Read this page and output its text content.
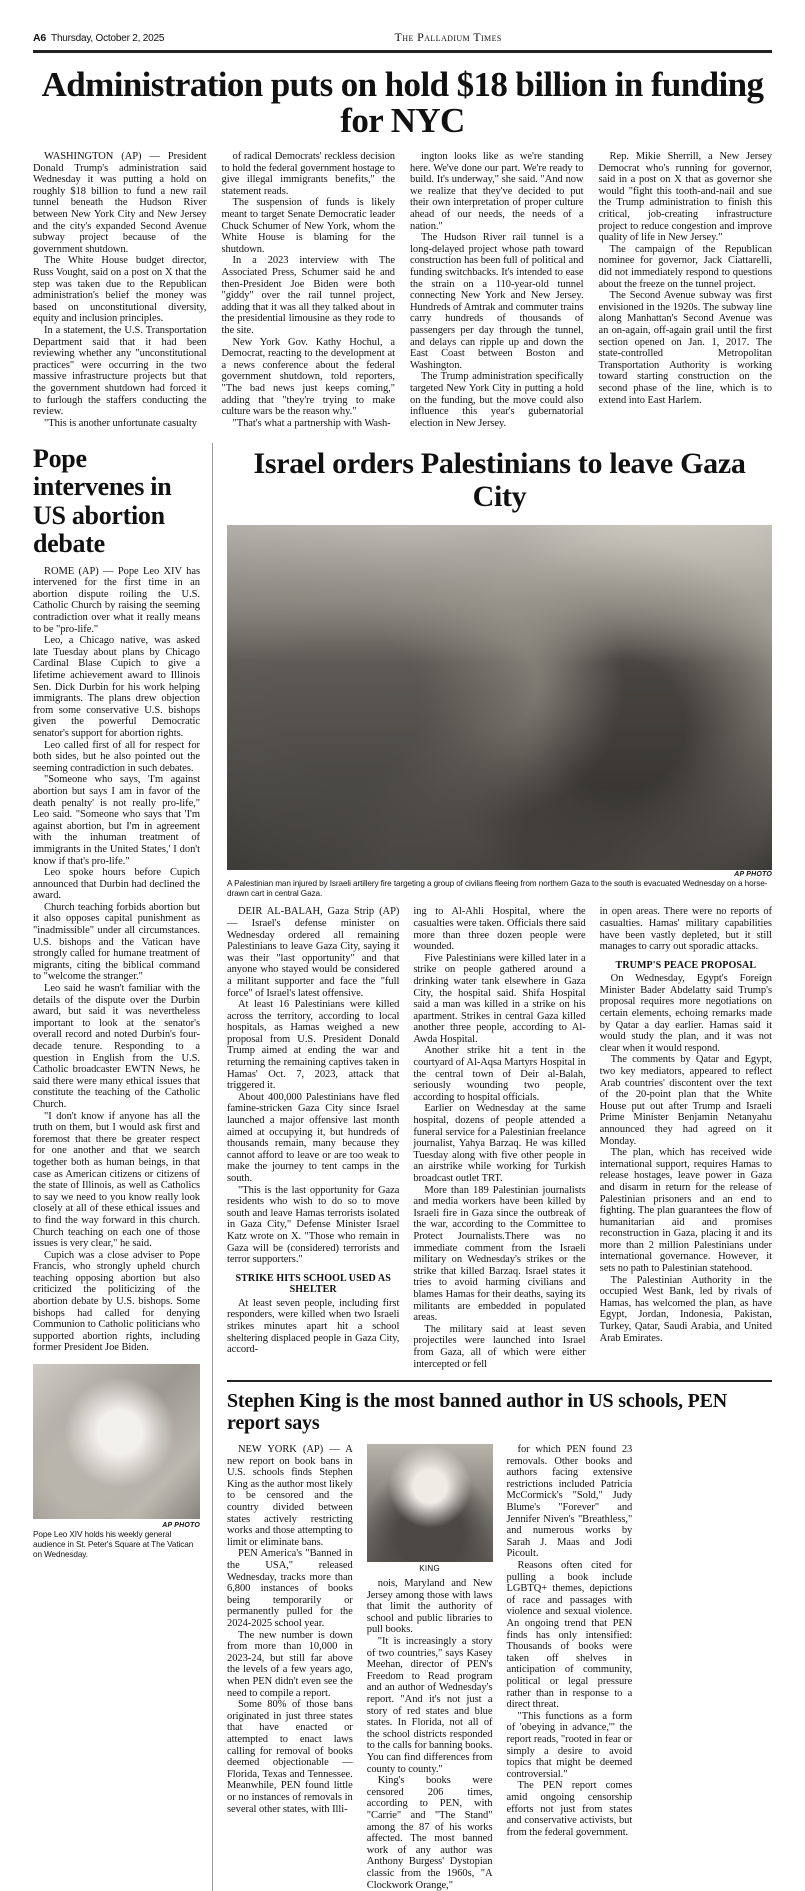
A6 Thursday, October 2, 2025	The Palladium Times
Administration puts on hold $18 billion in funding for NYC

WASHINGTON (AP) — President Donald Trump's administration said Wednesday it was putting a hold on roughly $18 billion to fund a new rail tunnel beneath the Hudson River between New York City and New Jersey and the city's expanded Second Avenue subway project because of the government shutdown.

The White House budget director, Russ Vought, said on a post on X that the step was taken due to the Republican administration's belief the money was based on unconstitutional diversity, equity and inclusion principles.

In a statement, the U.S. Transportation Department said that it had been reviewing whether any "unconstitutional practices" were occurring in the two massive infrastructure projects but that the government shutdown had forced it to furlough the staffers conducting the review.

"This is another unfortunate casualty

of radical Democrats' reckless decision to hold the federal government hostage to give illegal immigrants benefits," the statement reads.

The suspension of funds is likely meant to target Senate Democratic leader Chuck Schumer of New York, whom the White House is blaming for the shutdown.

In a 2023 interview with The Associated Press, Schumer said he and then-President Joe Biden were both "giddy" over the rail tunnel project, adding that it was all they talked about in the presidential limousine as they rode to the site.

New York Gov. Kathy Hochul, a Democrat, reacting to the development at a news conference about the federal government shutdown, told reporters, "The bad news just keeps coming," adding that "they're trying to make culture wars be the reason why."

"That's what a partnership with Wash-

ington looks like as we're standing here. We've done our part. We're ready to build. It's underway," she said. "And now we realize that they've decided to put their own interpretation of proper culture ahead of our needs, the needs of a nation."

The Hudson River rail tunnel is a long-delayed project whose path toward construction has been full of political and funding switchbacks. It's intended to ease the strain on a 110-year-old tunnel connecting New York and New Jersey. Hundreds of Amtrak and commuter trains carry hundreds of thousands of passengers per day through the tunnel, and delays can ripple up and down the East Coast between Boston and Washington.

The Trump administration specifically targeted New York City in putting a hold on the funding, but the move could also influence this year's gubernatorial election in New Jersey.

Rep. Mikie Sherrill, a New Jersey Democrat who's running for governor, said in a post on X that as governor she would "fight this tooth-and-nail and sue the Trump administration to finish this critical, job-creating infrastructure project to reduce congestion and improve quality of life in New Jersey."

The campaign of the Republican nominee for governor, Jack Ciattarelli, did not immediately respond to questions about the freeze on the tunnel project.

The Second Avenue subway was first envisioned in the 1920s. The subway line along Manhattan's Second Avenue was an on-again, off-again grail until the first section opened on Jan. 1, 2017. The state-controlled Metropolitan Transportation Authority is working toward starting construction on the second phase of the line, which is to extend into East Harlem.

Pope intervenes in US abortion debate

ROME (AP) — Pope Leo XIV has intervened for the first time in an abortion dispute roiling the U.S. Catholic Church by raising the seeming contradiction over what it really means to be "pro-life."

Leo, a Chicago native, was asked late Tuesday about plans by Chicago Cardinal Blase Cupich to give a lifetime achievement award to Illinois Sen. Dick Durbin for his work helping immigrants. The plans drew objection from some conservative U.S. bishops given the powerful Democratic senator's support for abortion rights.

Leo called first of all for respect for both sides, but he also pointed out the seeming contradiction in such debates.

"Someone who says, 'I'm against abortion but says I am in favor of the death penalty' is not really pro-life," Leo said. "Someone who says that 'I'm against abortion, but I'm in agreement with the inhuman treatment of immigrants in the United States,' I don't know if that's pro-life."

Leo spoke hours before Cupich announced that Durbin had declined the award.

Church teaching forbids abortion but it also opposes capital punishment as "inadmissible" under all circumstances. U.S. bishops and the Vatican have strongly called for humane treatment of migrants, citing the biblical command to "welcome the stranger."

Leo said he wasn't familiar with the details of the dispute over the Durbin award, but said it was nevertheless important to look at the senator's overall record and noted Durbin's four-decade tenure. Responding to a question in English from the U.S. Catholic broadcaster EWTN News, he said there were many ethical issues that constitute the teaching of the Catholic Church.

"I don't know if anyone has all the truth on them, but I would ask first and foremost that there be greater respect for one another and that we search together both as human beings, in that case as American citizens or citizens of the state of Illinois, as well as Catholics to say we need to you know really look closely at all of these ethical issues and to find the way forward in this church. Church teaching on each one of those issues is very clear," he said.

Cupich was a close adviser to Pope Francis, who strongly upheld church teaching opposing abortion but also criticized the politicizing of the abortion debate by U.S. bishops. Some bishops had called for denying Communion to Catholic politicians who supported abortion rights, including former President Joe Biden.

AP PHOTO

Pope Leo XIV holds his weekly general audience in St. Peter's Square at The Vatican on Wednesday.

Israel orders Palestinians to leave Gaza City
AP PHOTO

A Palestinian man injured by Israeli artillery fire targeting a group of civilians fleeing from northern Gaza to the south is evacuated Wednesday on a horse-drawn cart in central Gaza.

DEIR AL-BALAH, Gaza Strip (AP) — Israel's defense minister on Wednesday ordered all remaining Palestinians to leave Gaza City, saying it was their "last opportunity" and that anyone who stayed would be considered a militant supporter and face the "full force" of Israel's latest offensive.

At least 16 Palestinians were killed across the territory, according to local hospitals, as Hamas weighed a new proposal from U.S. President Donald Trump aimed at ending the war and returning the remaining captives taken in Hamas' Oct. 7, 2023, attack that triggered it.

About 400,000 Palestinians have fled famine-stricken Gaza City since Israel launched a major offensive last month aimed at occupying it, but hundreds of thousands remain, many because they cannot afford to leave or are too weak to make the journey to tent camps in the south.

"This is the last opportunity for Gaza residents who wish to do so to move south and leave Hamas terrorists isolated in Gaza City," Defense Minister Israel Katz wrote on X. "Those who remain in Gaza will be (considered) terrorists and terror supporters."

STRIKE HITS SCHOOL USED AS SHELTER

At least seven people, including first responders, were killed when two Israeli strikes minutes apart hit a school sheltering displaced people in Gaza City, accord-

ing to Al-Ahli Hospital, where the casualties were taken. Officials there said more than three dozen people were wounded.

Five Palestinians were killed later in a strike on people gathered around a drinking water tank elsewhere in Gaza City, the hospital said. Shifa Hospital said a man was killed in a strike on his apartment. Strikes in central Gaza killed another three people, according to Al-Awda Hospital.

Another strike hit a tent in the courtyard of Al-Aqsa Martyrs Hospital in the central town of Deir al-Balah, seriously wounding two people, according to hospital officials.

Earlier on Wednesday at the same hospital, dozens of people attended a funeral service for a Palestinian freelance journalist, Yahya Barzaq. He was killed Tuesday along with five other people in an airstrike while working for Turkish broadcast outlet TRT.

More than 189 Palestinian journalists and media workers have been killed by Israeli fire in Gaza since the outbreak of the war, according to the Committee to Protect Journalists.There was no immediate comment from the Israeli military on Wednesday's strikes or the strike that killed Barzaq. Israel states it tries to avoid harming civilians and blames Hamas for their deaths, saying its militants are embedded in populated areas.

The military said at least seven projectiles were launched into Israel from Gaza, all of which were either intercepted or fell

in open areas. There were no reports of casualties. Hamas' military capabilities have been vastly depleted, but it still manages to carry out sporadic attacks.

TRUMP'S PEACE PROPOSAL

On Wednesday, Egypt's Foreign Minister Bader Abdelatty said Trump's proposal requires more negotiations on certain elements, echoing remarks made by Qatar a day earlier. Hamas said it would study the plan, and it was not clear when it would respond.

The comments by Qatar and Egypt, two key mediators, appeared to reflect Arab countries' discontent over the text of the 20-point plan that the White House put out after Trump and Israeli Prime Minister Benjamin Netanyahu announced they had agreed on it Monday.

The plan, which has received wide international support, requires Hamas to release hostages, leave power in Gaza and disarm in return for the release of Palestinian prisoners and an end to fighting. The plan guarantees the flow of humanitarian aid and promises reconstruction in Gaza, placing it and its more than 2 million Palestinians under international governance. However, it sets no path to Palestinian statehood.

The Palestinian Authority in the occupied West Bank, led by rivals of Hamas, has welcomed the plan, as have Egypt, Jordan, Indonesia, Pakistan, Turkey, Qatar, Saudi Arabia, and United Arab Emirates.

Stephen King is the most banned author in US schools, PEN report says

NEW YORK (AP) — A new report on book bans in U.S. schools finds Stephen King as the author most likely to be censored and the country divided between states actively restricting works and those attempting to limit or eliminate bans.

PEN America's "Banned in the USA," released Wednesday, tracks more than 6,800 instances of books being temporarily or permanently pulled for the 2024-2025 school year.

The new number is down from more than 10,000 in 2023-24, but still far above the levels of a few years ago, when PEN didn't even see the need to compile a report.

Some 80% of those bans originated in just three states that have enacted or attempted to enact laws calling for removal of books deemed objectionable — Florida, Texas and Tennessee. Meanwhile, PEN found little or no instances of removals in several other states, with Illi-

KING

nois, Maryland and New Jersey among those with laws that limit the authority of school and public libraries to pull books.

"It is increasingly a story of two countries," says Kasey Meehan, director of PEN's Freedom to Read program and an author of Wednesday's report. "And it's not just a story of red states and blue states. In Florida, not all of the school districts responded to the calls for banning books. You can find differences from county to county."

King's books were censored 206 times, according to PEN, with "Carrie" and "The Stand" among the 87 of his works affected. The most banned work of any author was Anthony Burgess' Dystopian classic from the 1960s, "A Clockwork Orange,"

for which PEN found 23 removals. Other books and authors facing extensive restrictions included Patricia McCormick's "Sold," Judy Blume's "Forever" and Jennifer Niven's "Breathless," and numerous works by Sarah J. Maas and Jodi Picoult.

Reasons often cited for pulling a book include LGBTQ+ themes, depictions of race and passages with violence and sexual violence. An ongoing trend that PEN finds has only intensified: Thousands of books were taken off shelves in anticipation of community, political or legal pressure rather than in response to a direct threat.

"This functions as a form of 'obeying in advance,'" the report reads, "rooted in fear or simply a desire to avoid topics that might be deemed controversial."

The PEN report comes amid ongoing censorship efforts not just from states and conservative activists, but from the federal government.
